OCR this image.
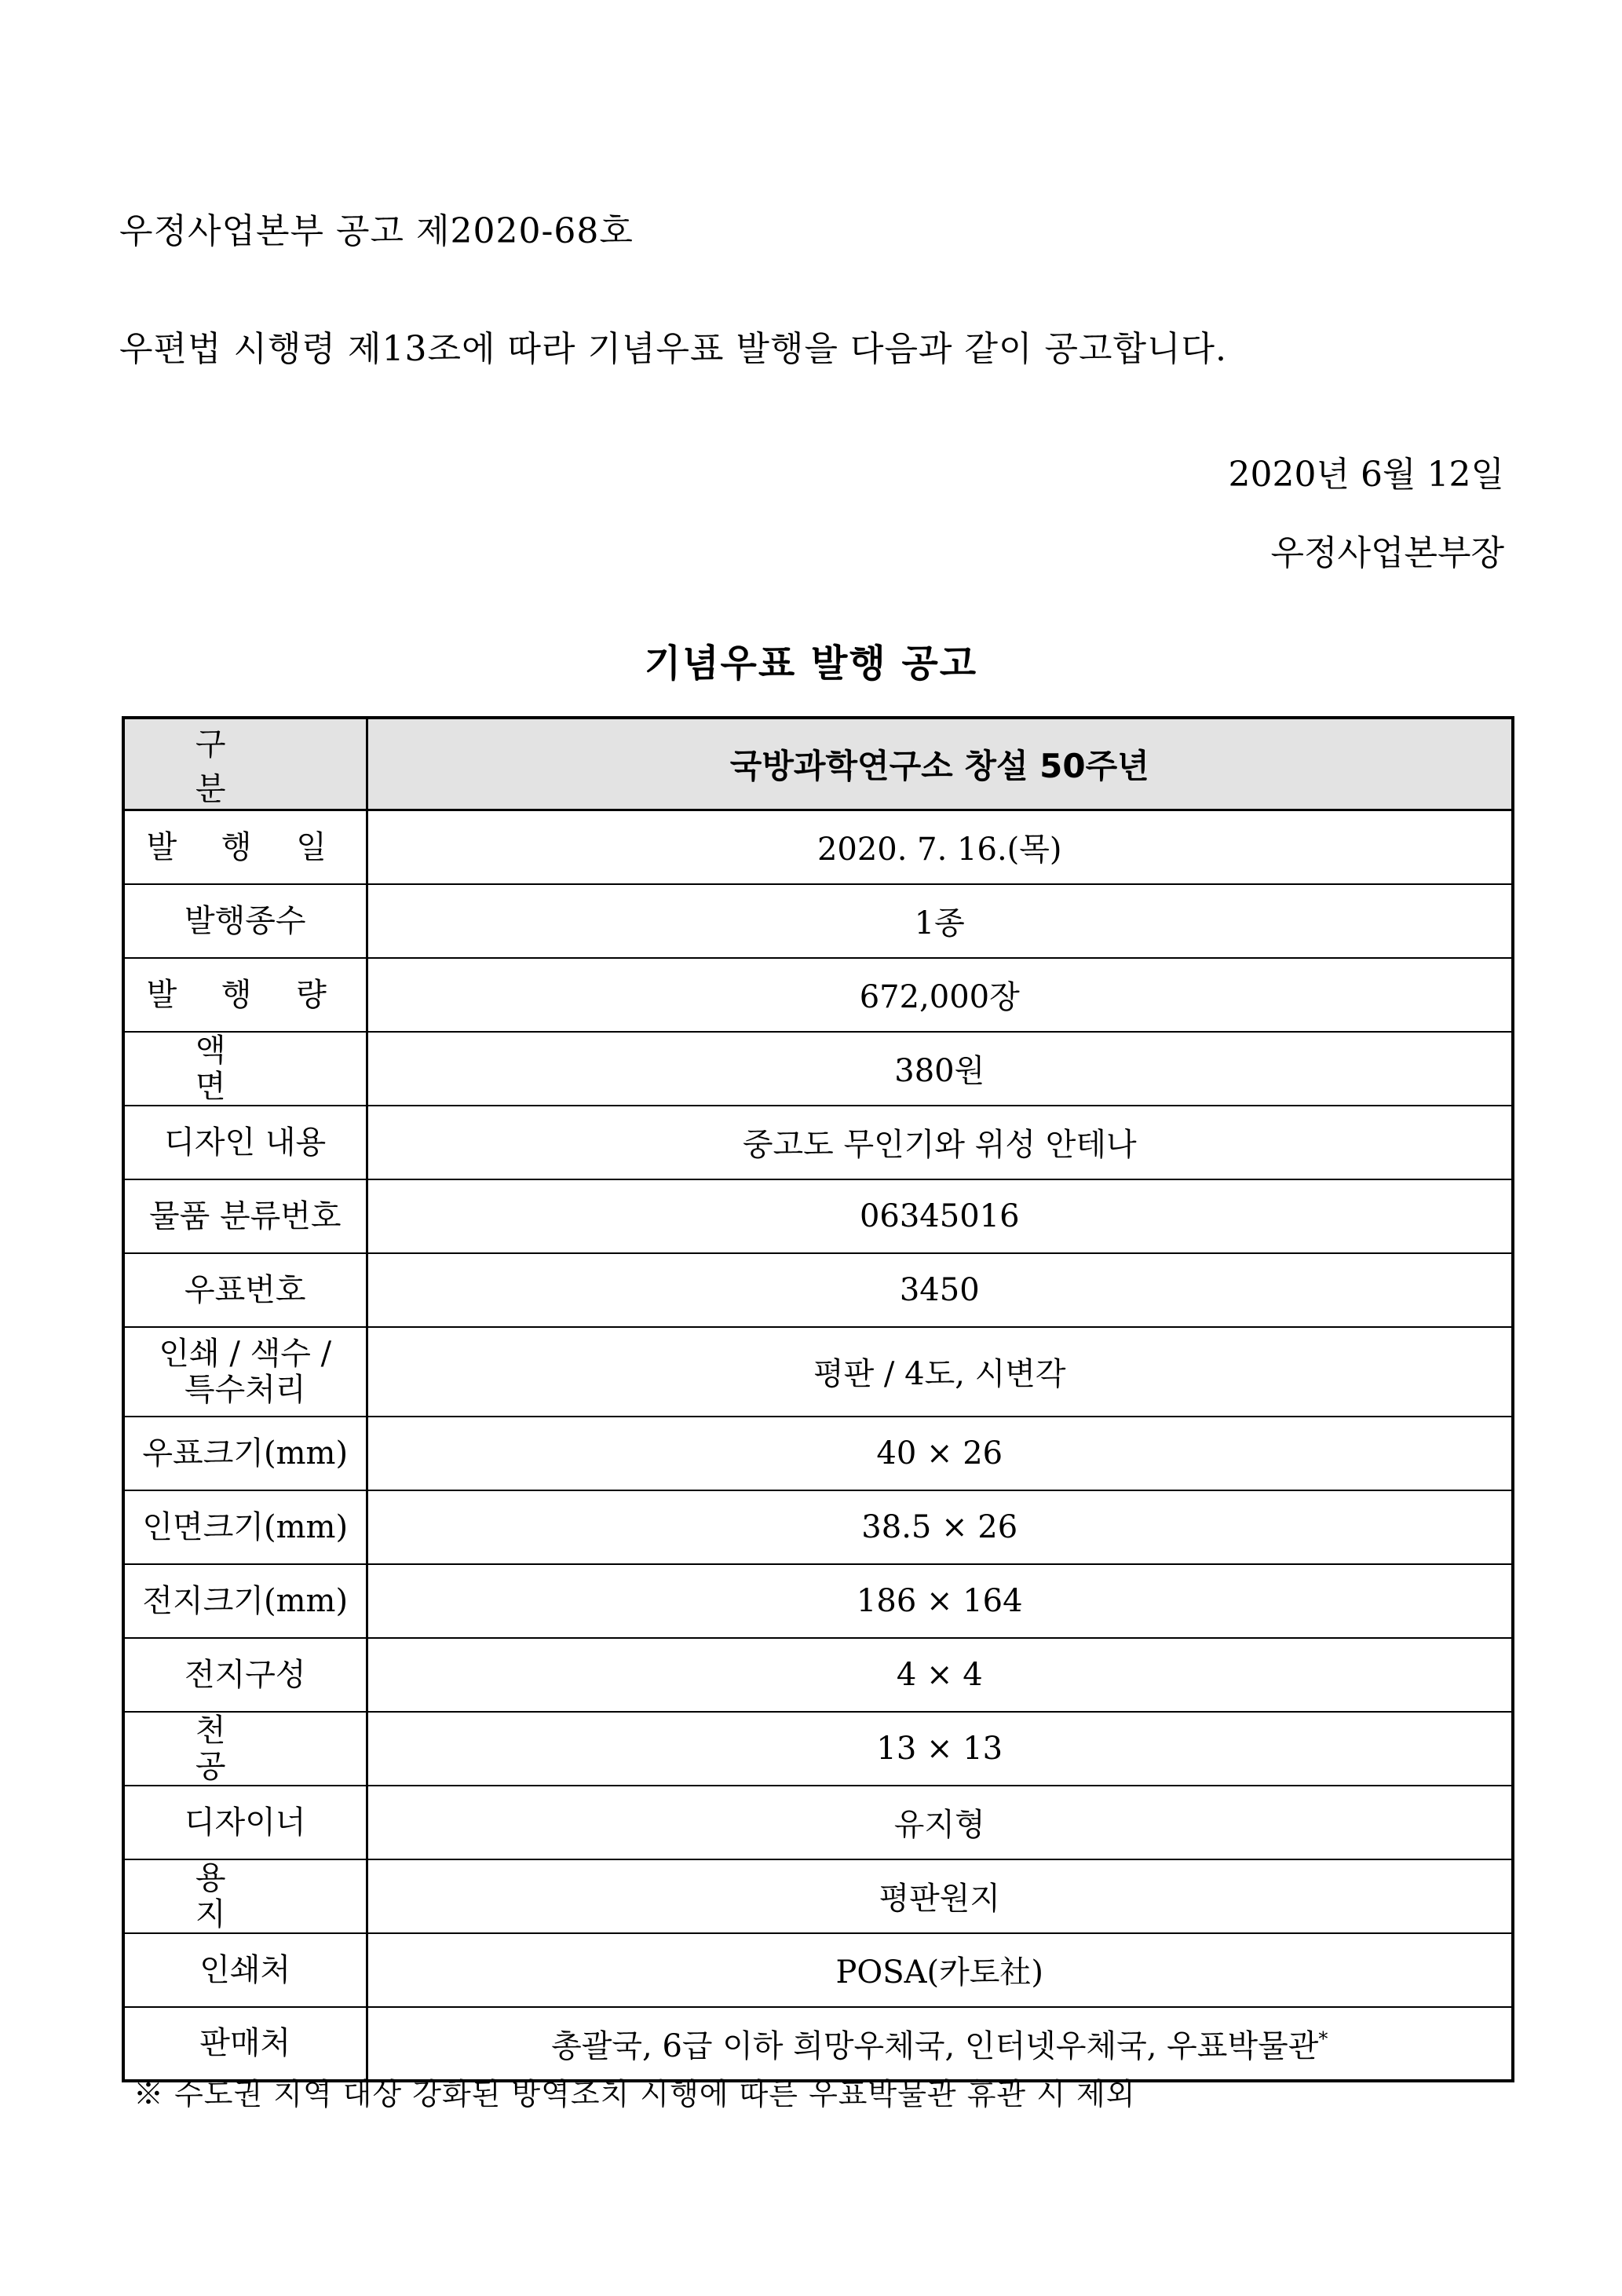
우정사업본부 공고 제2020-68호
우편법 시행령 제13조에 따라 기념우표 발행을 다음과 같이 공고합니다.
2020년 6월 12일
우정사업본부장
기념우표 발행 공고
구 분	국방과학연구소 창설 50주년
발 행 일	2020. 7. 16.(목)
발행종수	1종
발 행 량	672,000장
액 면	380원
디자인 내용	중고도 무인기와 위성 안테나
물품 분류번호	06345016
우표번호	3450

인쇄 / 색수 /
특수처리	평판 / 4도, 시변각
우표크기(mm)	40 × 26
인면크기(mm)	38.5 × 26
전지크기(mm)	186 × 164
전지구성	4 × 4
천 공	13 × 13
디자이너	유지형
용 지	평판원지
인쇄처	POSA(카토社)
판매처	총괄국, 6급 이하 희망우체국, 인터넷우체국, 우표박물관*
※ 수도권 지역 대상 강화된 방역조치 시행에 따른 우표박물관 휴관 시 제외
